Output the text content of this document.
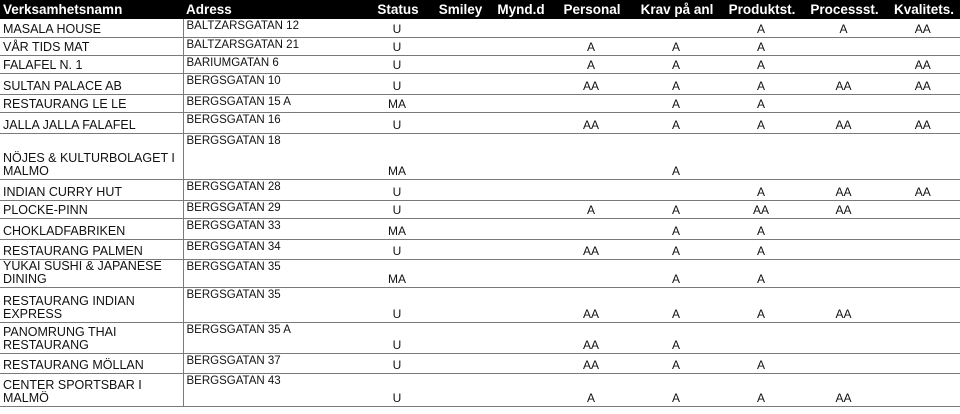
Verksamhetsnamn	Adress	Status	Smiley	Mynd.d	Personal	Krav på anl	Produktst.	Processst.	Kvalitets.
MASALA HOUSE	BALTZARSGATAN 12	U					A	A	AA
VÅR TIDS MAT	BALTZARSGATAN 21	U			A	A	A		
FALAFEL N. 1	BARIUMGATAN 6	U			A	A	A		AA
SULTAN PALACE AB	BERGSGATAN 10	U			AA	A	A	AA	AA
RESTAURANG LE LE	BERGSGATAN 15 A	MA				A	A		
JALLA JALLA FALAFEL	BERGSGATAN 16	U			AA	A	A	AA	AA
NÖJES & KULTURBOLAGET I MALMO	BERGSGATAN 18	MA				A			
INDIAN CURRY HUT	BERGSGATAN 28	U					A	AA	AA
PLOCKE-PINN	BERGSGATAN 29	U			A	A	AA	AA	
CHOKLADFABRIKEN	BERGSGATAN 33	MA				A	A		
RESTAURANG PALMEN	BERGSGATAN 34	U			AA	A	A		
YUKAI SUSHI & JAPANESE DINING	BERGSGATAN 35	MA				A	A		
RESTAURANG INDIAN EXPRESS	BERGSGATAN 35	U			AA	A	A	AA	
PANOMRUNG THAI RESTAURANG	BERGSGATAN 35 A	U			AA	A			
RESTAURANG MÖLLAN	BERGSGATAN 37	U			AA	A	A		
CENTER SPORTSBAR I MALMÖ	BERGSGATAN 43	U			A	A	A	AA	
